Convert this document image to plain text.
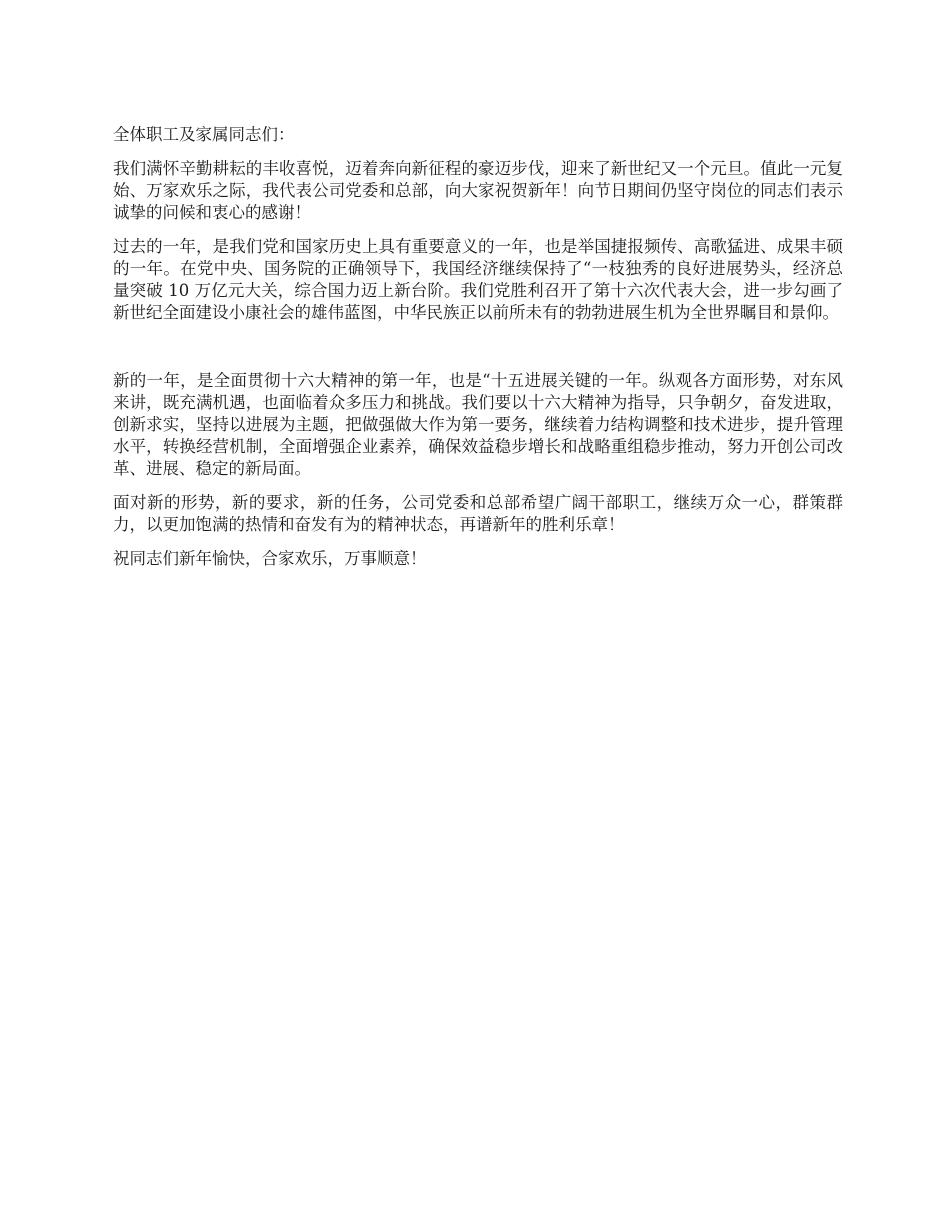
全体职工及家属同志们：

我们满怀辛勤耕耘的丰收喜悦，迈着奔向新征程的豪迈步伐，迎来了新世纪又一个元旦。值此一元复始、万家欢乐之际，我代表公司党委和总部，向大家祝贺新年！向节日期间仍坚守岗位的同志们表示诚挚的问候和衷心的感谢！

过去的一年，是我们党和国家历史上具有重要意义的一年，也是举国捷报频传、高歌猛进、成果丰硕的一年。在党中央、国务院的正确领导下，我国经济继续保持了“一枝独秀的良好进展势头，经济总量突破 10 万亿元大关，综合国力迈上新台阶。我们党胜利召开了第十六次代表大会，进一步勾画了新世纪全面建设小康社会的雄伟蓝图，中华民族正以前所未有的勃勃进展生机为全世界瞩目和景仰。

新的一年，是全面贯彻十六大精神的第一年，也是“十五进展关键的一年。纵观各方面形势，对东风来讲，既充满机遇，也面临着众多压力和挑战。我们要以十六大精神为指导，只争朝夕，奋发进取，创新求实，坚持以进展为主题，把做强做大作为第一要务，继续着力结构调整和技术进步，提升管理水平，转换经营机制，全面增强企业素养，确保效益稳步增长和战略重组稳步推动，努力开创公司改革、进展、稳定的新局面。

面对新的形势，新的要求，新的任务，公司党委和总部希望广阔干部职工，继续万众一心，群策群力，以更加饱满的热情和奋发有为的精神状态，再谱新年的胜利乐章！

祝同志们新年愉快，合家欢乐，万事顺意！
